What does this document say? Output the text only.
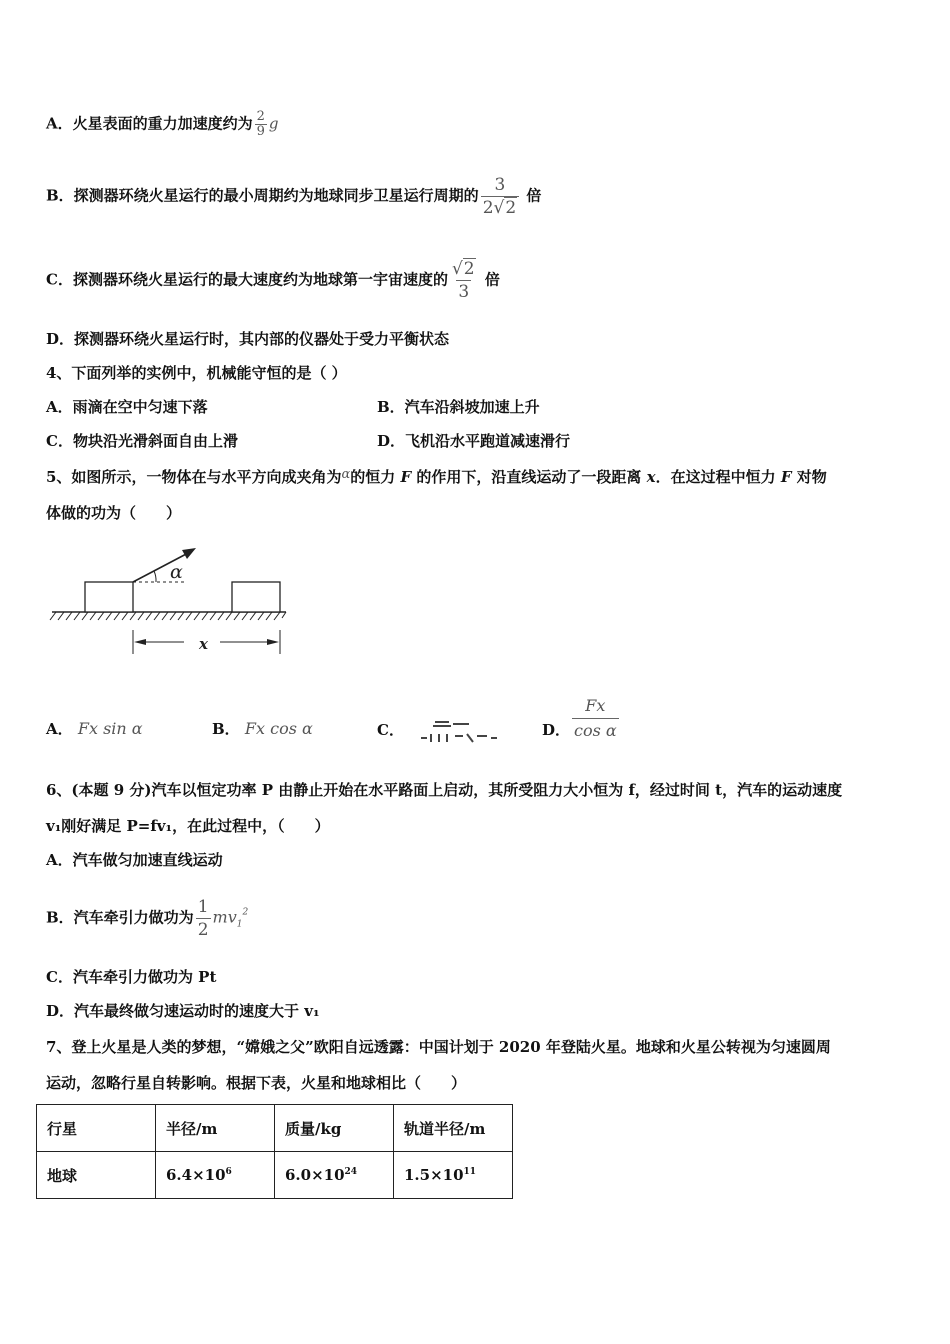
A．火星表面的重力加速度约为 $\frac{2}{9}$ g
B．探测器环绕火星运行的最小周期约为地球同步卫星运行周期的 $\frac{3}{2√2}$ 倍
C．探测器环绕火星运行的最大速度约为地球第一宇宙速度的 $\frac{√2}{3}$ 倍
D．探测器环绕火星运行时，其内部的仪器处于受力平衡状态
4、下面列举的实例中，机械能守恒的是（ ）
A．雨滴在空中匀速下落	B．汽车沿斜坡加速上升
C．物块沿光滑斜面自由上滑	D．飞机沿水平跑道减速滑行
5、如图所示，一物体在与水平方向成夹角为α的恒力 F 的作用下，沿直线运动了一段距离 x．在这过程中恒力 F 对物
体做的功为（　　）
α
x
A． Fx sin α	B． Fx cos α	C．	D． $\frac{Fx}{\text{cos α}}$
6、(本题 9 分)汽车以恒定功率 P 由静止开始在水平路面上启动，其所受阻力大小恒为 f，经过时间 t，汽车的运动速度
v₁刚好满足 P=fv₁，在此过程中，（　　）
A．汽车做匀加速直线运动
B．汽车牵引力做功为 $\frac{1}{2} mv_1^2$
C．汽车牵引力做功为 Pt
D．汽车最终做匀速运动时的速度大于 v₁
7、登上火星是人类的梦想，“嫦娥之父”欧阳自远透露：中国计划于 2020 年登陆火星。地球和火星公转视为匀速圆周
运动，忽略行星自转影响。根据下表，火星和地球相比（　　）
行星	半径/m	质量/kg	轨道半径/m
地球	$6.4\times 10^6$	$6.0\times 10^{24}$	$1.5\times 10^{11}$
